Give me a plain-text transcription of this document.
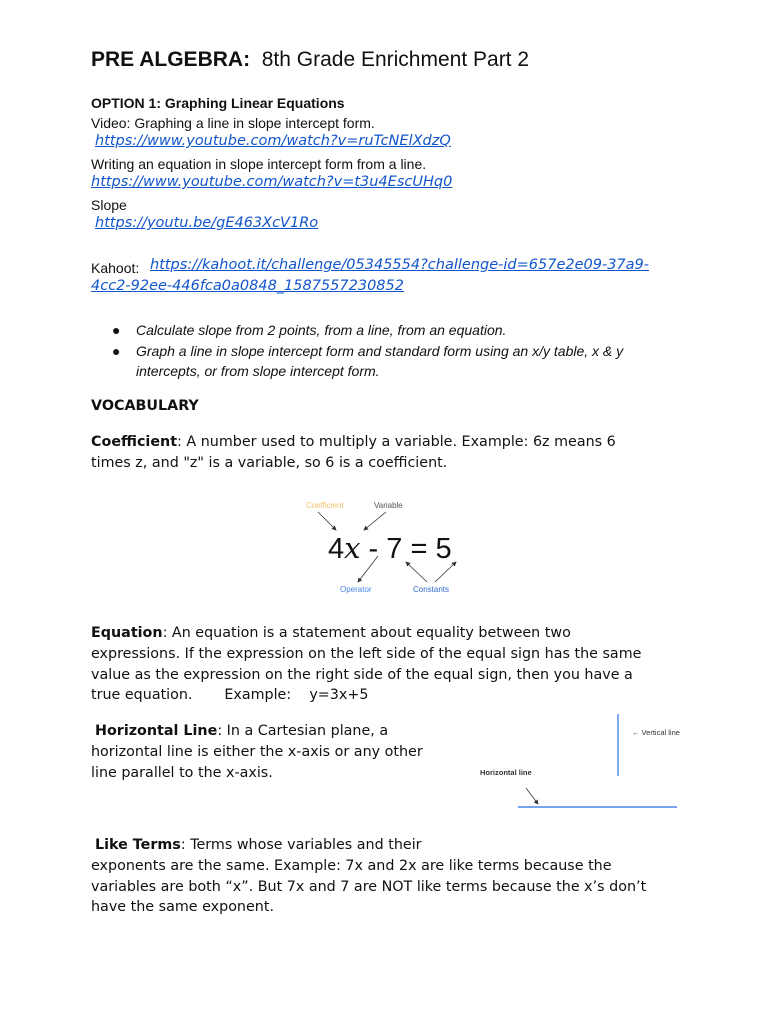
PRE ALGEBRA: 8th Grade Enrichment Part 2
OPTION 1: Graphing Linear Equations
Video: Graphing a line in slope intercept form.
https://www.youtube.com/watch?v=ruTcNElXdzQ
Writing an equation in slope intercept form from a line.
https://www.youtube.com/watch?v=t3u4EscUHq0
Slope
https://youtu.be/gE463XcV1Ro
Kahoot: https://kahoot.it/challenge/05345554?challenge-id=657e2e09-37a9-
4cc2-92ee-446fca0a0848_1587557230852
● Calculate slope from 2 points, from a line, from an equation.
● Graph a line in slope intercept form and standard form using an x/y table, x & y
intercepts, or from slope intercept form.
VOCABULARY
Coefficient: A number used to multiply a variable. Example: 6z means 6
times z, and "z" is a variable, so 6 is a coefficient.
Coefficient	Variable
4x - 7 = 5
Operator	Constants
Equation: An equation is a statement about equality between two
expressions. If the expression on the left side of the equal sign has the same
value as the expression on the right side of the equal sign, then you have a
true equation.       Example:    y=3x+5
Horizontal Line: In a Cartesian plane, a
horizontal line is either the x-axis or any other
line parallel to the x-axis.
← Vertical line
Horizontal line
Like Terms: Terms whose variables and their
exponents are the same. Example: 7x and 2x are like terms because the
variables are both “x”. But 7x and 7 are NOT like terms because the x’s don’t
have the same exponent.
